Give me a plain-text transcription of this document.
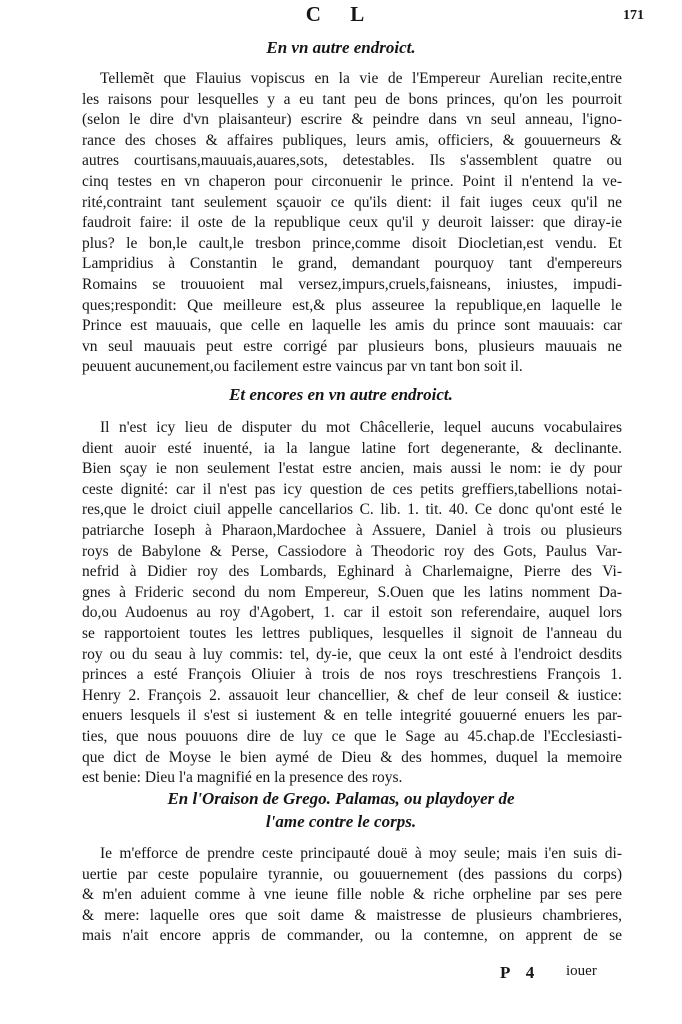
C L	171
En vn autre endroict.
Tellemẽt que Flauius vopiscus en la vie de l'Empereur Aurelian recite,entre
les raisons pour lesquelles y a eu tant peu de bons princes, qu'on les pourroit
(selon le dire d'vn plaisanteur) escrire & peindre dans vn seul anneau, l'igno-
rance des choses & affaires publiques, leurs amis, officiers, & gouuerneurs &
autres courtisans,mauuais,auares,sots, detestables. Ils s'assemblent quatre ou
cinq testes en vn chaperon pour circonuenir le prince. Point il n'entend la ve-
rité,contraint tant seulement sçauoir ce qu'ils dient: il fait iuges ceux qu'il ne
faudroit faire: il oste de la republique ceux qu'il y deuroit laisser: que diray-ie
plus? le bon,le cault,le tresbon prince,comme disoit Diocletian,est vendu. Et
Lampridius à Constantin le grand, demandant pourquoy tant d'empereurs
Romains se trouuoient mal versez,impurs,cruels,faisneans, iniustes, impudi-
ques;respondit: Que meilleure est,& plus asseuree la republique,en laquelle le
Prince est mauuais, que celle en laquelle les amis du prince sont mauuais: car
vn seul mauuais peut estre corrigé par plusieurs bons, plusieurs mauuais ne
peuuent aucunement,ou facilement estre vaincus par vn tant bon soit il.
Et encores en vn autre endroict.
Il n'est icy lieu de disputer du mot Châcellerie, lequel aucuns vocabulaires
dient auoir esté inuenté, ia la langue latine fort degenerante, & declinante.
Bien sçay ie non seulement l'estat estre ancien, mais aussi le nom: ie dy pour
ceste dignité: car il n'est pas icy question de ces petits greffiers,tabellions notai-
res,que le droict ciuil appelle cancellarios C. lib. 1. tit. 40. Ce donc qu'ont esté le
patriarche Ioseph à Pharaon,Mardochee à Assuere, Daniel à trois ou plusieurs
roys de Babylone & Perse, Cassiodore à Theodoric roy des Gots, Paulus Var-
nefrid à Didier roy des Lombards, Eghinard à Charlemaigne, Pierre des Vi-
gnes à Frideric second du nom Empereur, S.Ouen que les latins nomment Da-
do,ou Audoenus au roy d'Agobert, 1. car il estoit son referendaire, auquel lors
se rapportoient toutes les lettres publiques, lesquelles il signoit de l'anneau du
roy ou du seau à luy commis: tel, dy-ie, que ceux la ont esté à l'endroict desdits
princes a esté François Oliuier à trois de nos roys treschrestiens François 1.
Henry 2. François 2. assauoit leur chancellier, & chef de leur conseil & iustice:
enuers lesquels il s'est si iustement & en telle integrité gouuerné enuers les par-
ties, que nous pouuons dire de luy ce que le Sage au 45.chap.de l'Ecclesiasti-
que dict de Moyse le bien aymé de Dieu & des hommes, duquel la memoire
est benie: Dieu l'a magnifié en la presence des roys.
En l'Oraison de Grego. Palamas, ou playdoyer de
l'ame contre le corps.
Ie m'efforce de prendre ceste principauté douë à moy seule; mais i'en suis di-
uertie par ceste populaire tyrannie, ou gouuernement (des passions du corps)
& m'en aduient comme à vne ieune fille noble & riche orpheline par ses pere
& mere: laquelle ores que soit dame & maistresse de plusieurs chambrieres,
mais n'ait encore appris de commander, ou la contemne, on apprent de se
P 4 iouer
